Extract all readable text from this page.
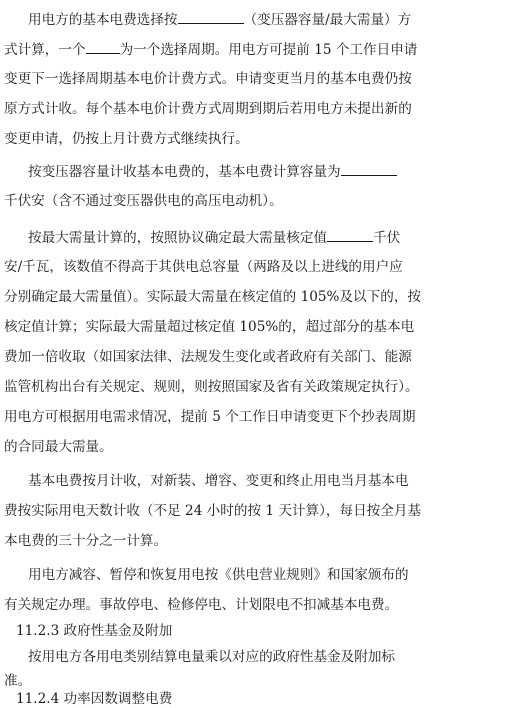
用电方的基本电费选择按	（变压器容量/最大需量）方
式计算，一个	为一个选择周期。用电方可提前 15 个工作日申请
变更下一选择周期基本电价计费方式。申请变更当月的基本电费仍按
原方式计收。每个基本电价计费方式周期到期后若用电方未提出新的
变更申请，仍按上月计费方式继续执行。
按变压器容量计收基本电费的，基本电费计算容量为
千伏安（含不通过变压器供电的高压电动机）。
按最大需量计算的，按照协议确定最大需量核定值	千伏
安/千瓦，该数值不得高于其供电总容量（两路及以上进线的用户应
分别确定最大需量值）。实际最大需量在核定值的 105%及以下的，按
核定值计算；实际最大需量超过核定值 105%的，超过部分的基本电
费加一倍收取（如国家法律、法规发生变化或者政府有关部门、能源
监管机构出台有关规定、规则，则按照国家及省有关政策规定执行）。
用电方可根据用电需求情况，提前 5 个工作日申请变更下个抄表周期
的合同最大需量。
基本电费按月计收，对新装、增容、变更和终止用电当月基本电
费按实际用电天数计收（不足 24 小时的按 1 天计算），每日按全月基
本电费的三十分之一计算。
用电方减容、暂停和恢复用电按《供电营业规则》和国家颁布的
有关规定办理。事故停电、检修停电、计划限电不扣减基本电费。
11.2.3 政府性基金及附加
按用电方各用电类别结算电量乘以对应的政府性基金及附加标
准。
11.2.4 功率因数调整电费
